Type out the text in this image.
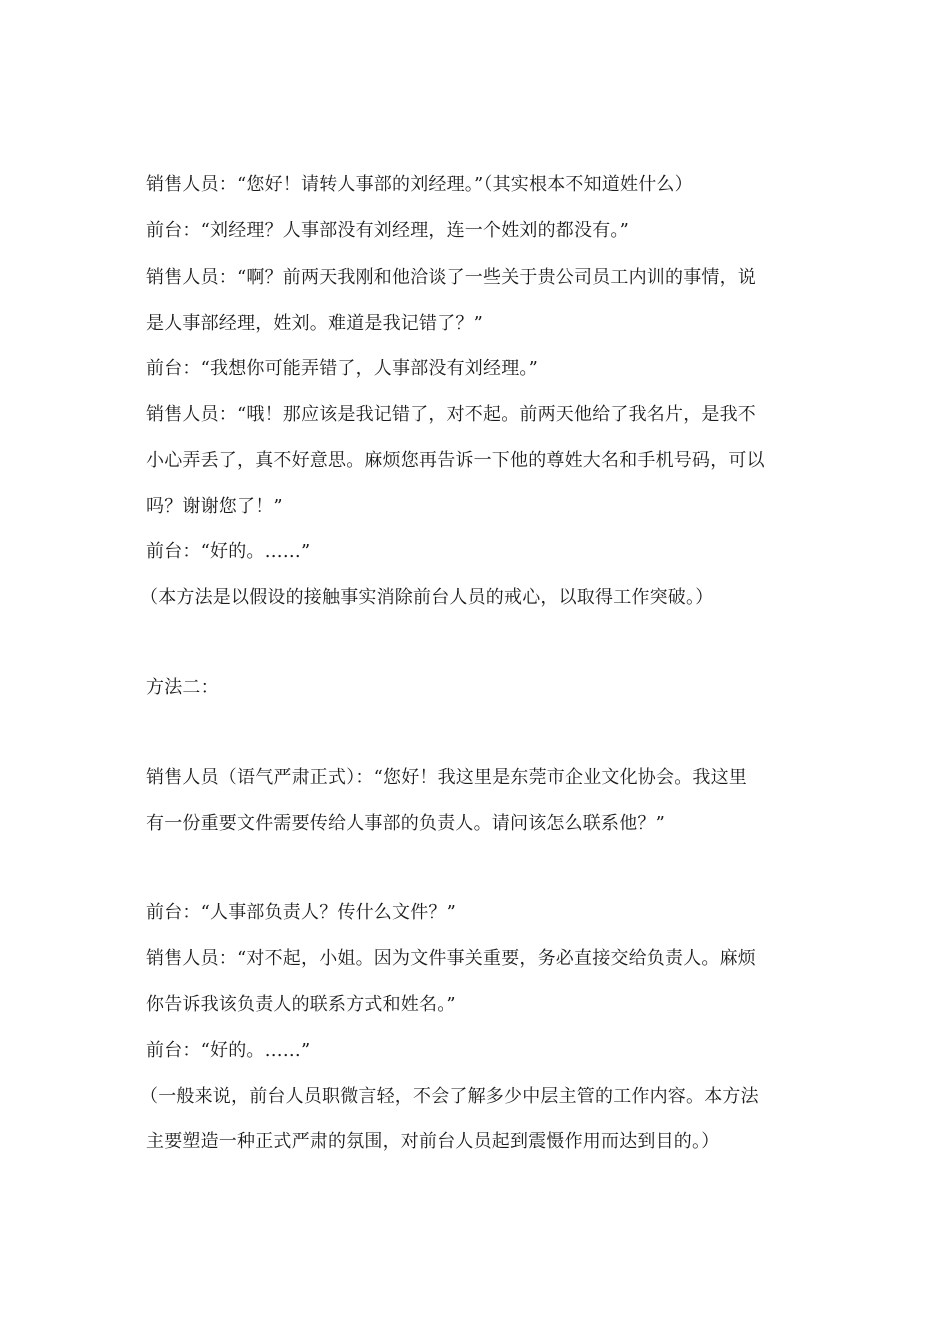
销售人员：“您好！请转人事部的刘经理。”（其实根本不知道姓什么）
前台：“刘经理？人事部没有刘经理，连一个姓刘的都没有。”
销售人员：“啊？前两天我刚和他洽谈了一些关于贵公司员工内训的事情，说
是人事部经理，姓刘。难道是我记错了？”
前台：“我想你可能弄错了，人事部没有刘经理。”
销售人员：“哦！那应该是我记错了，对不起。前两天他给了我名片，是我不
小心弄丢了，真不好意思。麻烦您再告诉一下他的尊姓大名和手机号码，可以
吗？谢谢您了！”
前台：“好的。……”
（本方法是以假设的接触事实消除前台人员的戒心，以取得工作突破。）
方法二：
销售人员（语气严肃正式）：“您好！我这里是东莞市企业文化协会。我这里
有一份重要文件需要传给人事部的负责人。请问该怎么联系他？”
前台：“人事部负责人？传什么文件？”
销售人员：“对不起，小姐。因为文件事关重要，务必直接交给负责人。麻烦
你告诉我该负责人的联系方式和姓名。”
前台：“好的。……”
（一般来说，前台人员职微言轻，不会了解多少中层主管的工作内容。本方法
主要塑造一种正式严肃的氛围，对前台人员起到震慑作用而达到目的。）
